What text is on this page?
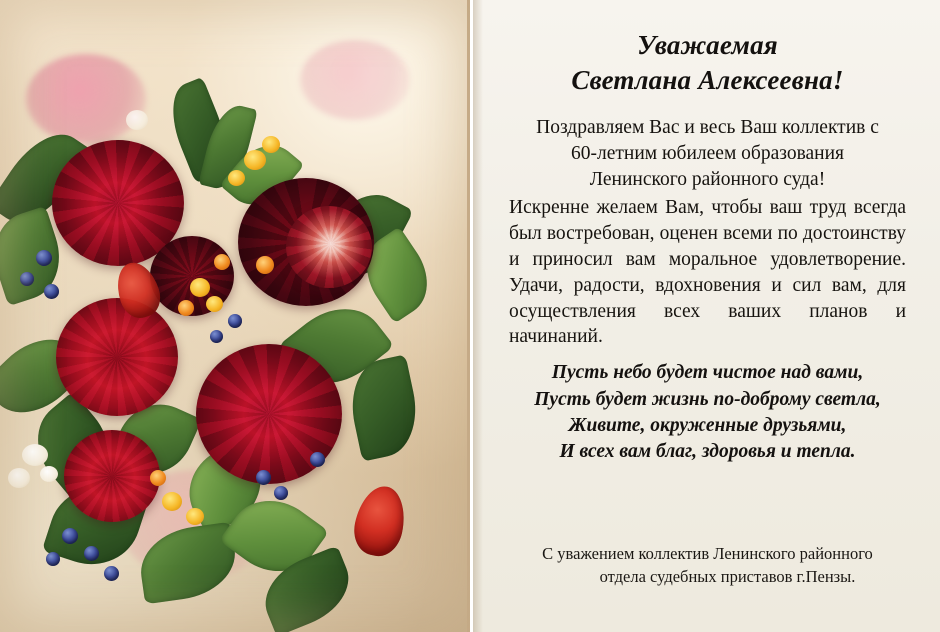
Уважаемая
Светлана Алексеевна!
Поздравляем Вас и весь Ваш коллектив с
60-летним юбилеем образования
Ленинского районного суда!
Искренне желаем Вам, чтобы ваш труд всегда был востребован, оценен всеми по достоинству и приносил вам моральное удовлетворение. Удачи, радости, вдохновения и сил вам, для осуществления всех ваших планов и начинаний.
Пусть небо будет чистое над вами,
Пусть будет жизнь по-доброму светла,
Живите, окруженные друзьями,
И всех вам благ, здоровья и тепла.
С уважением коллектив Ленинского районного
отдела судебных приставов г.Пензы.
